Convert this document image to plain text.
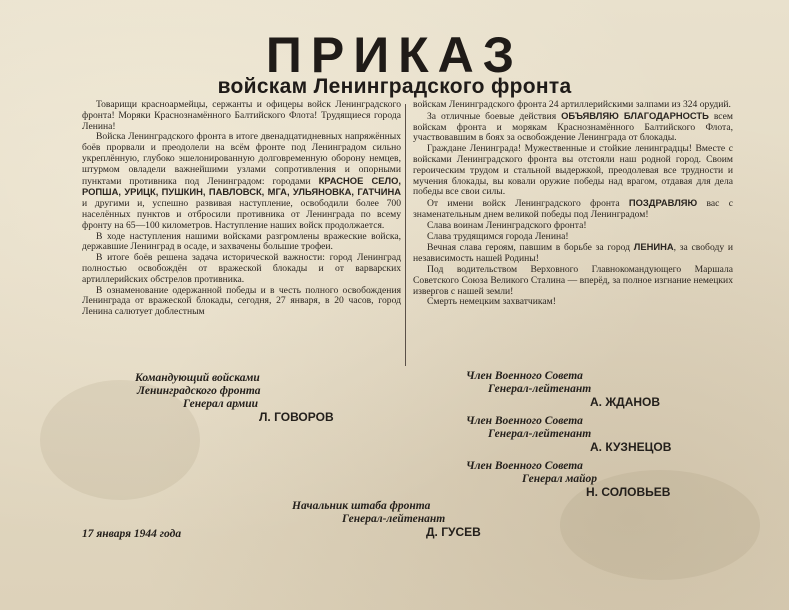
ПРИКАЗ
войскам Ленинградского фронта

Товарищи красноармейцы, сержанты и офицеры войск Ленинградского фронта! Моряки Краснознамённого Балтийского Флота! Трудящиеся города Ленина!

Войска Ленинградского фронта в итоге двенадцатидневных напряжённых боёв прорвали и преодолели на всём фронте под Ленинградом сильно укреплённую, глубоко эшелонированную долговременную оборону немцев, штурмом овладели важнейшими узлами сопротивления и опорными пунктами противника под Ленинградом: городами КРАСНОЕ СЕЛО, РОПША, УРИЦК, ПУШКИН, ПАВЛОВСК, МГА, УЛЬЯНОВКА, ГАТЧИНА и другими и, успешно развивая наступление, освободили более 700 населённых пунктов и отбросили противника от Ленинграда по всему фронту на 65—100 километров. Наступление наших войск продолжается.

В ходе наступления нашими войсками разгромлены вражеские войска, державшие Ленинград в осаде, и захвачены большие трофеи.

В итоге боёв решена задача исторической важности: город Ленинград полностью освобождён от вражеской блокады и от варварских артиллерийских обстрелов противника.

В ознаменование одержанной победы и в честь полного освобождения Ленинграда от вражеской блокады, сегодня, 27 января, в 20 часов, город Ленина салютует доблестным

войскам Ленинградского фронта 24 артиллерийскими залпами из 324 орудий.

За отличные боевые действия ОБЪЯВЛЯЮ БЛАГОДАРНОСТЬ всем войскам фронта и морякам Краснознамённого Балтийского Флота, участвовавшим в боях за освобождение Ленинграда от блокады.

Граждане Ленинграда! Мужественные и стойкие ленинградцы! Вместе с войсками Ленинградского фронта вы отстояли наш родной город. Своим героическим трудом и стальной выдержкой, преодолевая все трудности и мучения блокады, вы ковали оружие победы над врагом, отдавая для дела победы все свои силы.

От имени войск Ленинградского фронта ПОЗДРАВЛЯЮ вас с знаменательным днем великой победы под Ленинградом!

Слава воинам Ленинградского фронта!

Слава трудящимся города Ленина!

Вечная слава героям, павшим в борьбе за город ЛЕНИНА, за свободу и независимость нашей Родины!

Под водительством Верховного Главнокомандующего Маршала Советского Союза Великого Сталина — вперёд, за полное изгнание немецких извергов с нашей земли!

Смерть немецким захватчикам!

Командующий войсками
Ленинградского фронта
Генерал армии
Л. ГОВОРОВ
Член Военного Совета
Генерал-лейтенант
А. ЖДАНОВ
Член Военного Совета
Генерал-лейтенант
А. КУЗНЕЦОВ
Член Военного Совета
Генерал майор
Н. СОЛОВЬЕВ
Начальник штаба фронта
Генерал-лейтенант
Д. ГУСЕВ
17 января 1944 года
